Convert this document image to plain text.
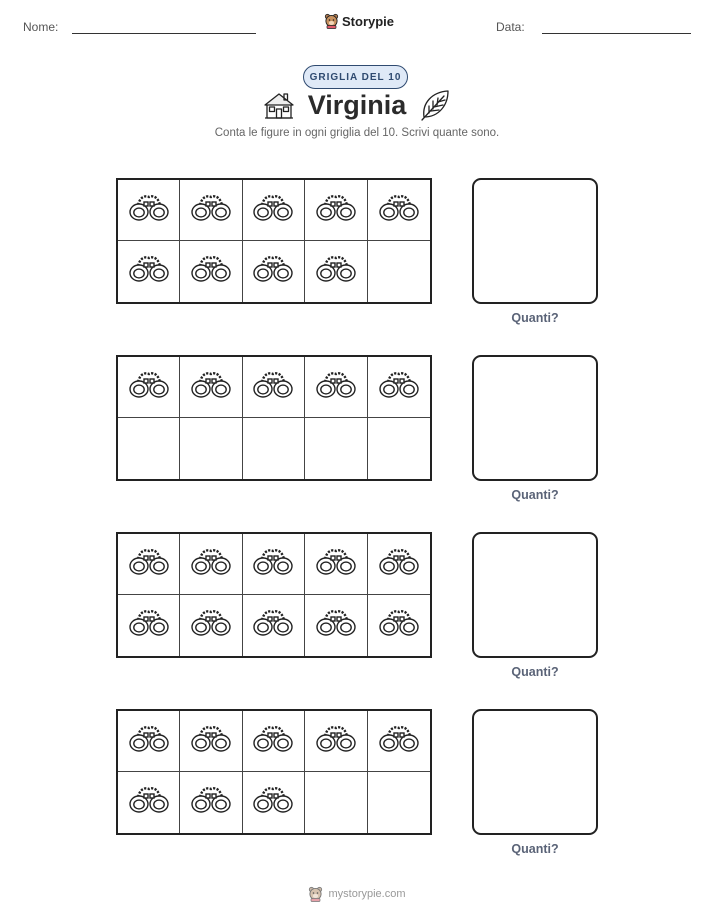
Nome:	Storypie	Data:
GRIGLIA DEL 10
Virginia
Conta le figure in ogni griglia del 10. Scrivi quante sono.
Quanti?
Quanti?
Quanti?
Quanti?
mystorypie.com
